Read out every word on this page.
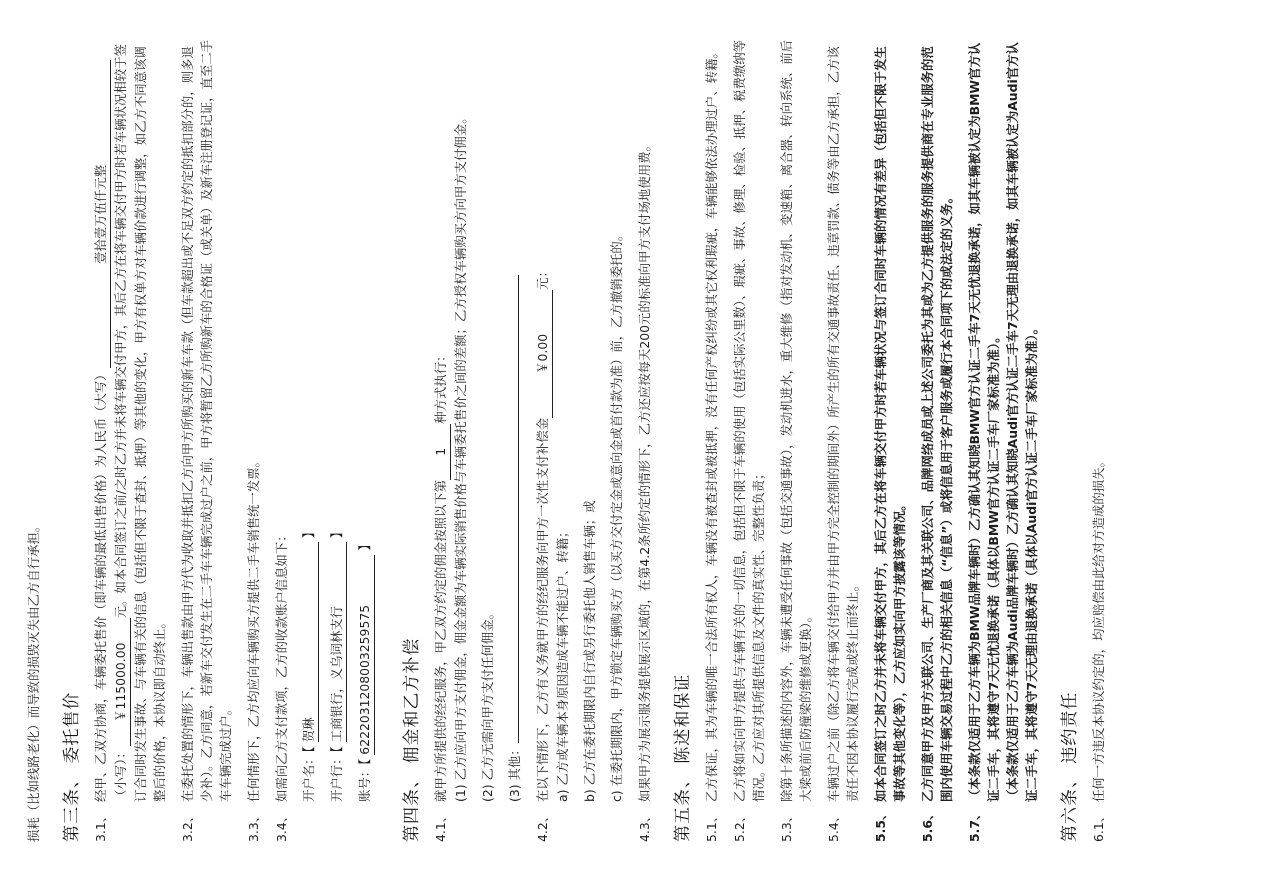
损耗（比如线路老化）而导致的损毁灭失由乙方自行承担。 第三条、 委托售价 3.1、
经甲、乙双方协商，车辆委托售价（即车辆的最低出售价格）为人民币（大写）壹拾壹万伍仟元整（小写）：￥115000.00元。如本合同签订之前/之时乙方并未将车辆交付甲方，其后乙方在将车辆交付甲方时若车辆状况相较于签订合同时发生事故、与车辆有关的信息（包括但不限于查封、抵押）等其他的变化，甲方有权单方对车辆价款进行调整，如乙方不同意该调整后的价格，本协议即自动终止。
3.2、
在委托处置的情形下，车辆出售款由甲方代为收取并抵扣乙方向甲方所购买的新车车款（但车款超出或不足双方约定的抵扣部分的，则多退少补）。乙方同意，若新车交付发生在二手车车辆完成过户之前，甲方将暂留乙方所购新车的合格证（或关单）及新车注册登记证，直至二手车车辆完成过户。
3.3、
任何情形下，乙方均应向车辆购买方提供二手车销售统一发票。
3.4、
如需向乙方支付款项，乙方的收款账户信息如下： 开户名：【 贺琳 】
开户行：【 工商银行，义乌词林支行 】
账号：【 6222031208003259575 】
第四条、 佣金和乙方补偿 4.1、
就甲方所提供的经纪服务，甲乙双方约定的佣金按照以下第1种方式执行： (1) 乙方应向甲方支付佣金，佣金金额为车辆实际销售价格与车辆委托售价之间的差额；乙方授权车辆购买方向甲方支付佣金。 (2) 乙方无需向甲方支付任何佣金。 (3) 其他：
4.2、
在以下情形下，乙方有义务就甲方的经纪服务向甲方一次性支付补偿金￥0.00元：
a) 乙方或车辆本身原因造成车辆不能过户、转籍； b) 乙方在委托期限内自行或另行委托他人销售车辆；或 c) 在委托期限内，甲方锁定车辆购买方（以买方交付定金或意向金或首付款为准）前，乙方撤销委托的。
4.3、
如果甲方为展示服务提供展示区域的，在第4.2条所约定的情形下，乙方还应按每天200元的标准向甲方支付场地使用费。 第五条、 陈述和保证 5.1、
乙方保证，其为车辆的唯一合法所有权人，车辆没有被查封或被抵押，没有任何产权纠纷或其它权利瑕疵，车辆能够依法办理过户、转籍。
5.2、
乙方将如实向甲方提供与车辆有关的一切信息，包括但不限于车辆的使用（包括实际公里数）、瑕疵、事故、修理、检验、抵押、税费缴纳等情况。乙方应对其所提供信息及文件的真实性、完整性负责；
5.3、
除第十条所描述的内容外，车辆未遭受任何事故（包括交通事故），发动机进水，重大维修（指对发动机、变速箱、离合器、转向系统、前后大梁或前后防撞梁的维修或更换）。
5.4、
车辆过户之前（除乙方将车辆交付给甲方并由甲方完全控制的期间外）所产生的所有交通事故责任、违章罚款、债务等由乙方承担，乙方该责任不因本协议履行完成或终止而终止。
5.5、
如本合同签订之时乙方并未将车辆交付甲方，其后乙方在将车辆交付甲方时若车辆状况与签订合同时车辆的情况有差异（包括但不限于发生事故等其他变化等），乙方应如实向甲方披露该等情况。
5.6、
乙方同意甲方及甲方关联公司、生产厂商及其关联公司、品牌网络成员或上述公司委托为其或为乙方提供服务的服务提供商在专业服务的范围内使用车辆交易过程中乙方的相关信息（“信息”）或将信息用于客户服务或履行本合同项下的或法定的义务。
5.7、
（本条款仅适用于乙方车辆为BMW品牌车辆时）乙方确认其知晓BMW官方认证二手车7天无忧退换承诺，如其车辆被认定为BMW官方认证二手车，其将遵守7天无忧退换承诺（具体以BMW官方认证二手车厂家标准为准）。 （本条款仅适用于乙方车辆为Audi品牌车辆时）乙方确认其知晓Audi官方认证二手车7天无理由退换承诺，如其车辆被认定为Audi官方认证二手车，其将遵守7天无理由退换承诺（具体以Audi官方认证二手车厂家标准为准）。 第六条、 违约责任 6.1、
任何一方违反本协议约定的，均应赔偿由此给对方造成的损失。
